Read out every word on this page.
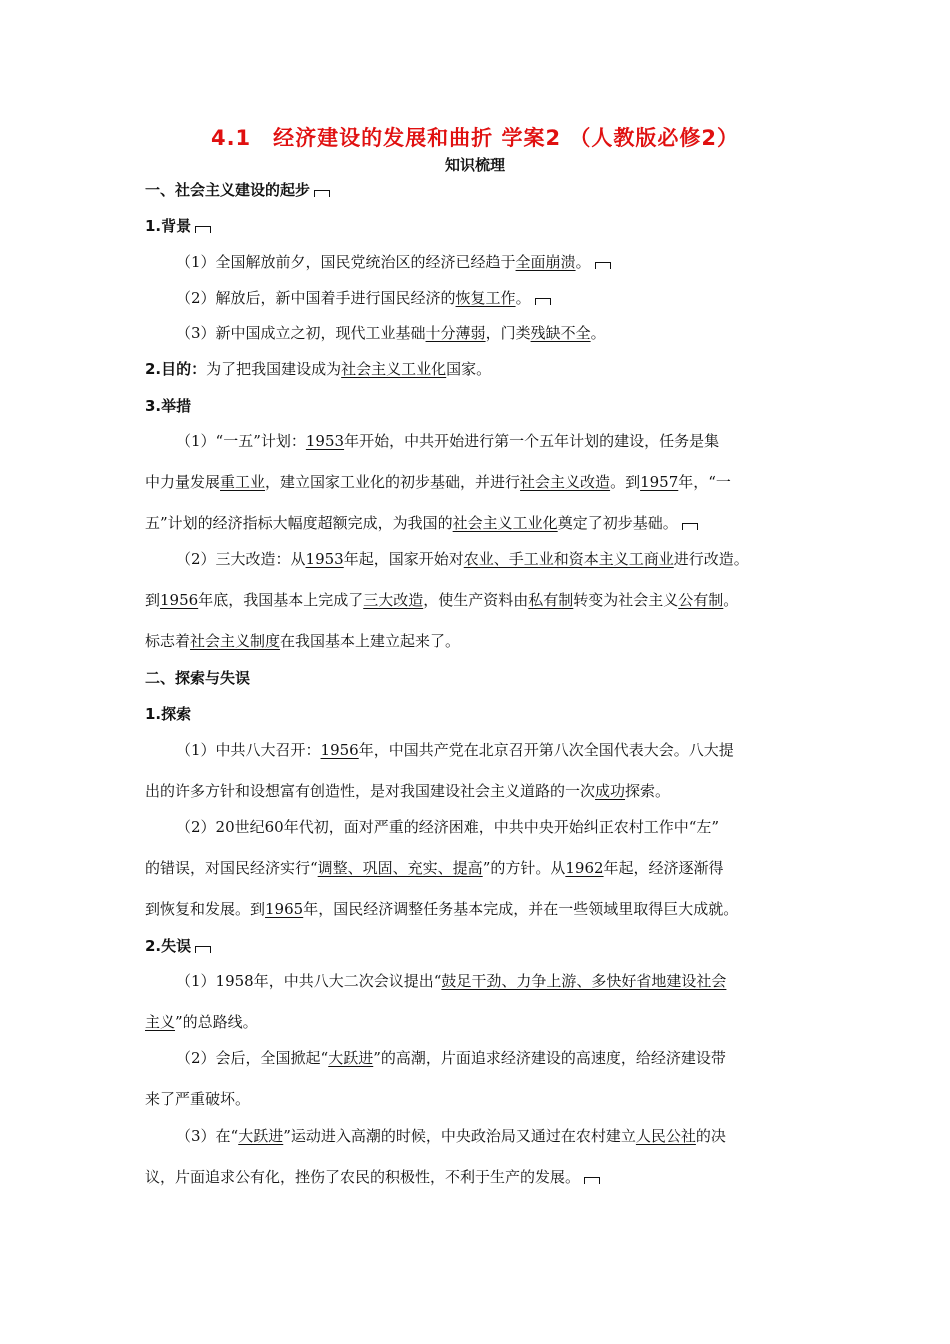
4.1　经济建设的发展和曲折 学案2 （人教版必修2）
知识梳理
一、社会主义建设的起步
1.背景
（1）全国解放前夕，国民党统治区的经济已经趋于全面崩溃。
（2）解放后，新中国着手进行国民经济的恢复工作。
（3）新中国成立之初，现代工业基础十分薄弱，门类残缺不全。
2.目的：为了把我国建设成为社会主义工业化国家。
3.举措
（1）“一五”计划：1953年开始，中共开始进行第一个五年计划的建设，任务是集
中力量发展重工业，建立国家工业化的初步基础，并进行社会主义改造。到1957年，“一
五”计划的经济指标大幅度超额完成，为我国的社会主义工业化奠定了初步基础。
（2）三大改造：从1953年起，国家开始对农业、手工业和资本主义工商业进行改造。
到1956年底，我国基本上完成了三大改造，使生产资料由私有制转变为社会主义公有制。
标志着社会主义制度在我国基本上建立起来了。
二、探索与失误
1.探索
（1）中共八大召开：1956年，中国共产党在北京召开第八次全国代表大会。八大提
出的许多方针和设想富有创造性，是对我国建设社会主义道路的一次成功探索。
（2）20世纪60年代初，面对严重的经济困难，中共中央开始纠正农村工作中“左”
的错误，对国民经济实行“调整、巩固、充实、提高”的方针。从1962年起，经济逐渐得
到恢复和发展。到1965年，国民经济调整任务基本完成，并在一些领域里取得巨大成就。
2.失误
（1）1958年，中共八大二次会议提出“鼓足干劲、力争上游、多快好省地建设社会
主义”的总路线。
（2）会后，全国掀起“大跃进”的高潮，片面追求经济建设的高速度，给经济建设带
来了严重破坏。
（3）在“大跃进”运动进入高潮的时候，中央政治局又通过在农村建立人民公社的决
议，片面追求公有化，挫伤了农民的积极性，不利于生产的发展。
